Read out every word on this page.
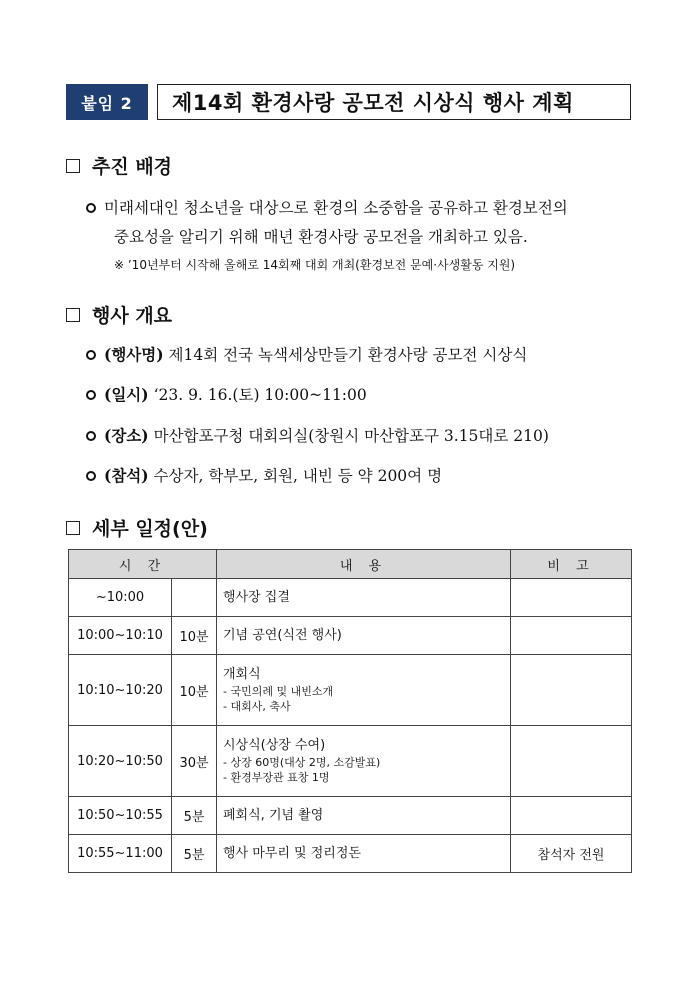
붙임 2	제14회 환경사랑 공모전 시상식 행사 계획
추진 배경
미래세대인 청소년을 대상으로 환경의 소중함을 공유하고 환경보전의
중요성을 알리기 위해 매년 환경사랑 공모전을 개최하고 있음.
※ ’10년부터 시작해 올해로 14회째 대회 개최(환경보전 문예·사생활동 지원)
행사 개요
(행사명) 제14회 전국 녹색세상만들기 환경사랑 공모전 시상식
(일시) ‘23. 9. 16.(토) 10:00~11:00
(장소) 마산합포구청 대회의실(창원시 마산합포구 3.15대로 210)
(참석) 수상자, 학부모, 회원, 내빈 등 약 200여 명
세부 일정(안)
시 간		내 용	비 고
~10:00		행사장 집결	

10:00~10:10	10분	기념 공연(식전 행사)	

10:10~10:20	10분	개회식
- 국민의례 및 내빈소개
- 대회사, 축사	

10:20~10:50	30분	시상식(상장 수여)
- 상장 60명(대상 2명, 소감발표)
- 환경부장관 표창 1명	

10:50~10:55	5분	폐회식, 기념 촬영	

10:55~11:00	5분	행사 마무리 및 정리정돈	참석자 전원
